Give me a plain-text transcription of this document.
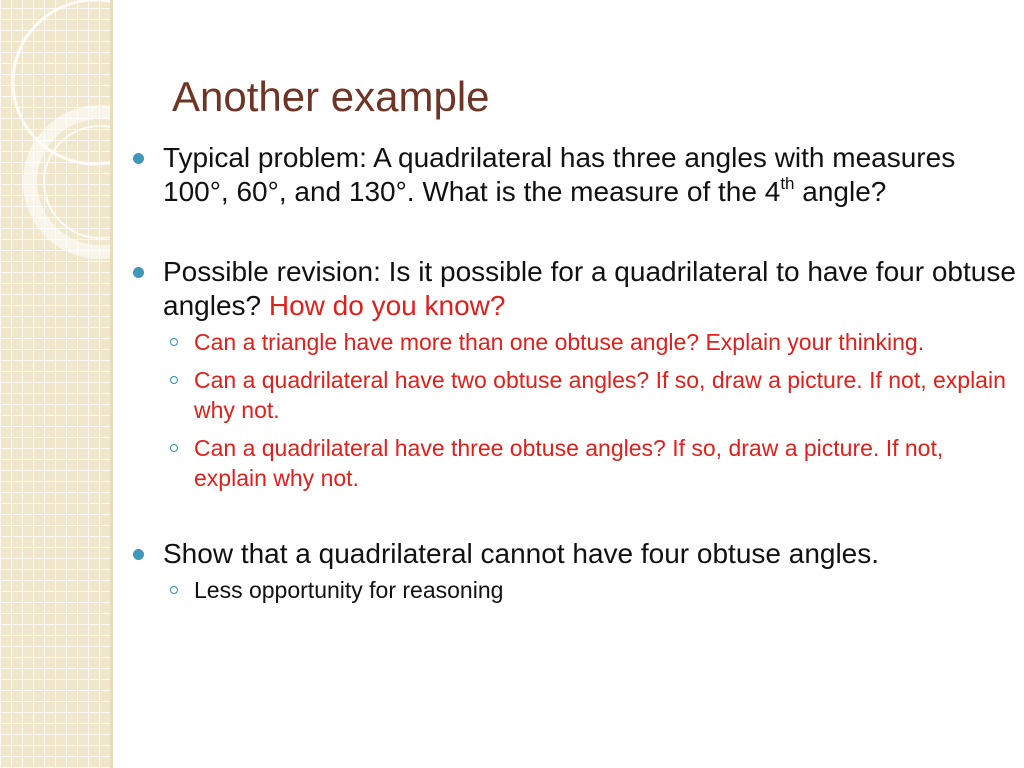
Another example
Typical problem: A quadrilateral has three angles with measures 100°, 60°, and 130°. What is the measure of the 4th angle?
Possible revision: Is it possible for a quadrilateral to have four obtuse angles? How do you know?
Can a triangle have more than one obtuse angle? Explain your thinking.
Can a quadrilateral have two obtuse angles? If so, draw a picture. If not, explain why not.
Can a quadrilateral have three obtuse angles? If so, draw a picture. If not, explain why not.
Show that a quadrilateral cannot have four obtuse angles.
Less opportunity for reasoning
